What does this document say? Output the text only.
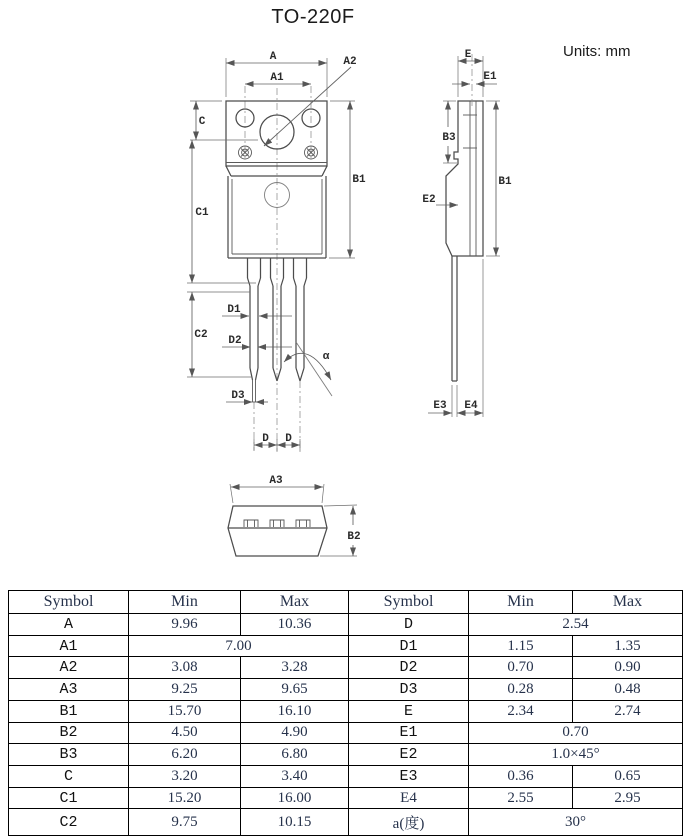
TO-220F
Units: mm
A
A1
A2
B1
C
C1
C2
D1
D2
D3
D D
α
E
E1
B3
B1
E2
E3 E4
A3
B2
Symbol	Min	Max	Symbol	Min	Max
A	9.96	10.36	D	2.54	
A1	7.00		D1	1.15	1.35
A2	3.08	3.28	D2	0.70	0.90
A3	9.25	9.65	D3	0.28	0.48
B1	15.70	16.10	E	2.34	2.74
B2	4.50	4.90	E1	0.70	
B3	6.20	6.80	E2	1.0×45°	
C	3.20	3.40	E3	0.36	0.65
C1	15.20	16.00	E4	2.55	2.95
C2	9.75	10.15	a(度)	30°	
